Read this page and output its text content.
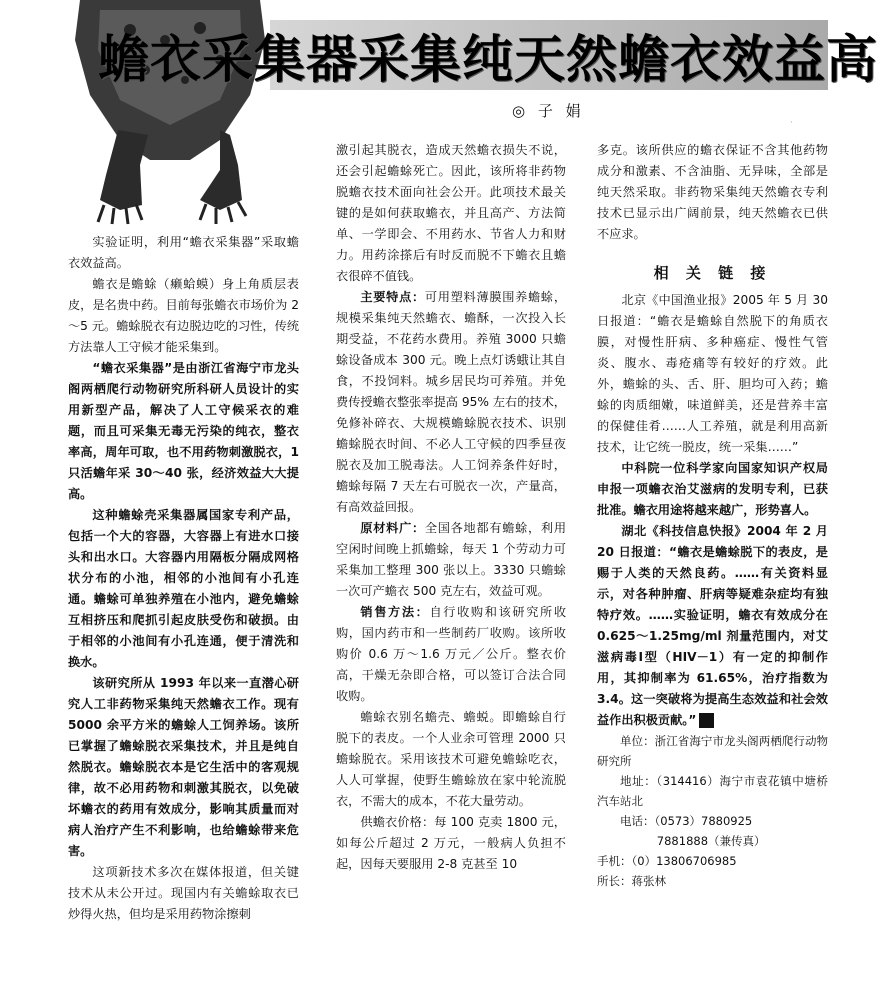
蟾衣采集器采集纯天然蟾衣效益高
◎ 子 娟
·

实验证明，利用“蟾衣采集器”采取蟾衣效益高。

蟾衣是蟾蜍（癞蛤蟆）身上角质层表皮，是名贵中药。目前每张蟾衣市场价为 2～5 元。蟾蜍脱衣有边脱边吃的习性，传统方法靠人工守候才能采集到。

“蟾衣采集器”是由浙江省海宁市龙头阁两栖爬行动物研究所科研人员设计的实用新型产品，解决了人工守候采衣的难题，而且可采集无毒无污染的纯衣，整衣率高，周年可取，也不用药物刺激脱衣，1 只活蟾年采 30～40 张，经济效益大大提高。

这种蟾蜍壳采集器属国家专利产品，包括一个大的容器，大容器上有进水口接头和出水口。大容器内用隔板分隔成网格状分布的小池，相邻的小池间有小孔连通。蟾蜍可单独养殖在小池内，避免蟾蜍互相挤压和爬抓引起皮肤受伤和破损。由于相邻的小池间有小孔连通，便于清洗和换水。

该研究所从 1993 年以来一直潜心研究人工非药物采集纯天然蟾衣工作。现有 5000 余平方米的蟾蜍人工饲养场。该所已掌握了蟾蜍脱衣采集技术，并且是纯自然脱衣。蟾蜍脱衣本是它生活中的客观规律，故不必用药物和刺激其脱衣，以免破坏蟾衣的药用有效成分，影响其质量而对病人治疗产生不利影响，也给蟾蜍带来危害。

这项新技术多次在媒体报道，但关键技术从未公开过。现国内有关蟾蜍取衣已炒得火热，但均是采用药物涂擦刺

激引起其脱衣，造成天然蟾衣损失不说，还会引起蟾蜍死亡。因此，该所将非药物脱蟾衣技术面向社会公开。此项技术最关键的是如何获取蟾衣，并且高产、方法简单、一学即会、不用药水、节省人力和财力。用药涂搽后有时反而脱不下蟾衣且蟾衣很碎不值钱。

主要特点：可用塑料薄膜围养蟾蜍，规模采集纯天然蟾衣、蟾酥，一次投入长期受益，不花药水费用。养殖 3000 只蟾蜍设备成本 300 元。晚上点灯诱蛾让其自食，不投饲料。城乡居民均可养殖。并免费传授蟾衣整张率提高 95% 左右的技术，免修补碎衣、大规模蟾蜍脱衣技术、识别蟾蜍脱衣时间、不必人工守候的四季昼夜脱衣及加工脱毒法。人工饲养条件好时，蟾蜍每隔 7 天左右可脱衣一次，产量高，有高效益回报。

原材料广：全国各地都有蟾蜍，利用空闲时间晚上抓蟾蜍，每天 1 个劳动力可采集加工整理 300 张以上。3330 只蟾蜍一次可产蟾衣 500 克左右，效益可观。

销售方法：自行收购和该研究所收购，国内药市和一些制药厂收购。该所收购价 0.6 万～1.6 万元／公斤。整衣价高，干燥无杂即合格，可以签订合法合同收购。

蟾蜍衣别名蟾壳、蟾蜕。即蟾蜍自行脱下的表皮。一个人业余可管理 2000 只蟾蜍脱衣。采用该技术可避免蟾蜍吃衣，人人可掌握，使野生蟾蜍放在家中轮流脱衣，不需大的成本，不花大量劳动。

供蟾衣价格：每 100 克卖 1800 元，如每公斤超过 2 万元，一般病人负担不起，因每天要服用 2-8 克甚至 10

多克。该所供应的蟾衣保证不含其他药物成分和激素、不含油脂、无异味，全部是纯天然采取。非药物采集纯天然蟾衣专利技术已显示出广阔前景，纯天然蟾衣已供不应求。

相 关 链 接

北京《中国渔业报》2005 年 5 月 30 日报道：“蟾衣是蟾蜍自然脱下的角质衣膜，对慢性肝病、多种癌症、慢性气管炎、腹水、毒疮痛等有较好的疗效。此外，蟾蜍的头、舌、肝、胆均可入药；蟾蜍的肉质细嫩，味道鲜美，还是营养丰富的保健佳肴……人工养殖，就是利用高新技术，让它统一脱皮，统一采集……”

中科院一位科学家向国家知识产权局申报一项蟾衣治艾滋病的发明专利，已获批准。蟾衣用途将越来越广，形势喜人。

湖北《科技信息快报》2004 年 2 月 20 日报道：“蟾衣是蟾蜍脱下的表皮，是赐于人类的天然良药。……有关资料显示，对各种肿瘤、肝病等疑难杂症均有独特疗效。……实验证明，蟾衣有效成分在 0.625～1.25mg/ml 剂量范围内，对艾滋病毒Ⅰ型（HIV－1）有一定的抑制作用，其抑制率为 61.65%，治疗指数为 3.4。这一突破将为提高生态效益和社会效益作出积极贡献。” Z

单位：浙江省海宁市龙头阁两栖爬行动物研究所
地址：（314416）海宁市袁花镇中塘桥汽车站北
电话：（0573）7880925
7881888（兼传真）
手机：（0）13806706985
所长：蒋张林
